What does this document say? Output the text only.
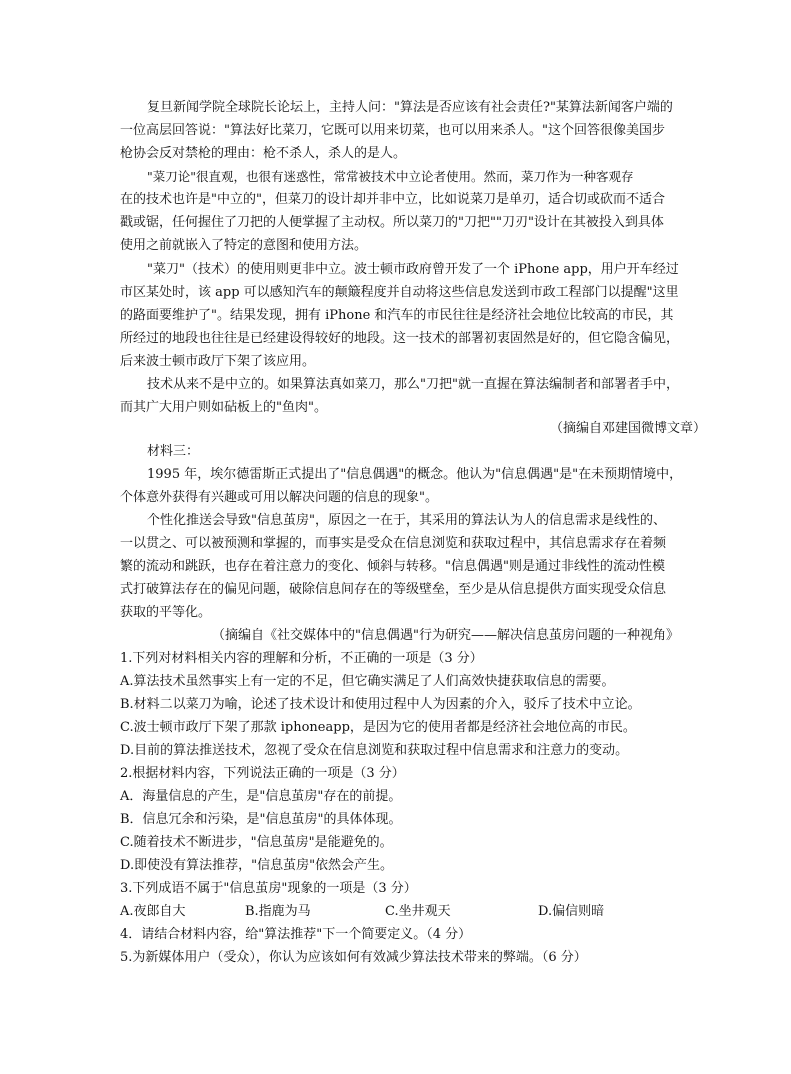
复旦新闻学院全球院长论坛上，主持人问："算法是否应该有社会责任?"某算法新闻客户端的

一位高层回答说："算法好比菜刀，它既可以用来切菜，也可以用来杀人。"这个回答很像美国步

枪协会反对禁枪的理由：枪不杀人，杀人的是人。

"菜刀论"很直观，也很有迷惑性，常常被技术中立论者使用。然而，菜刀作为一种客观存

在的技术也许是"中立的"，但菜刀的设计却并非中立，比如说菜刀是单刃，适合切或砍而不适合

戳或锯，任何握住了刀把的人便掌握了主动权。所以菜刀的"刀把""刀刃"设计在其被投入到具体

使用之前就嵌入了特定的意图和使用方法。

"菜刀"（技术）的使用则更非中立。波士顿市政府曾开发了一个 iPhone app，用户开车经过

市区某处时，该 app 可以感知汽车的颠簸程度并自动将这些信息发送到市政工程部门以提醒"这里

的路面要维护了"。结果发现，拥有 iPhone 和汽车的市民往往是经济社会地位比较高的市民，其

所经过的地段也往往是已经建设得较好的地段。这一技术的部署初衷固然是好的，但它隐含偏见，

后来波士顿市政厅下架了该应用。

技术从来不是中立的。如果算法真如菜刀，那么"刀把"就一直握在算法编制者和部署者手中，

而其广大用户则如砧板上的"鱼肉"。

（摘编自邓建国微博文章）

材料三：

1995 年，埃尔德雷斯正式提出了"信息偶遇"的概念。他认为"信息偶遇"是"在未预期情境中，

个体意外获得有兴趣或可用以解决问题的信息的现象"。

个性化推送会导致"信息茧房"，原因之一在于，其采用的算法认为人的信息需求是线性的、

一以贯之、可以被预测和掌握的，而事实是受众在信息浏览和获取过程中，其信息需求存在着频

繁的流动和跳跃，也存在着注意力的变化、倾斜与转移。"信息偶遇"则是通过非线性的流动性模

式打破算法存在的偏见问题，破除信息间存在的等级壁垒，至少是从信息提供方面实现受众信息

获取的平等化。

（摘编自《社交媒体中的"信息偶遇"行为研究——解决信息茧房问题的一种视角》

1.下列对材料相关内容的理解和分析，不正确的一项是（3 分）

A.算法技术虽然事实上有一定的不足，但它确实满足了人们高效快捷获取信息的需要。

B.材料二以菜刀为喻，论述了技术设计和使用过程中人为因素的介入，驳斥了技术中立论。

C.波士顿市政厅下架了那款 iphoneapp，是因为它的使用者都是经济社会地位高的市民。

D.目前的算法推送技术，忽视了受众在信息浏览和获取过程中信息需求和注意力的变动。

2.根据材料内容，下列说法正确的一项是（3 分）

A．海量信息的产生，是"信息茧房"存在的前提。

B．信息冗余和污染，是"信息茧房"的具体体现。

C.随着技术不断进步，"信息茧房"是能避免的。

D.即使没有算法推荐，"信息茧房"依然会产生。

3.下列成语不属于"信息茧房"现象的一项是（3 分）

A.夜郎自大	B.指鹿为马	C.坐井观天	D.偏信则暗

4．请结合材料内容，给"算法推荐"下一个简要定义。（4 分）

5.为新媒体用户（受众），你认为应该如何有效减少算法技术带来的弊端。（6 分）
